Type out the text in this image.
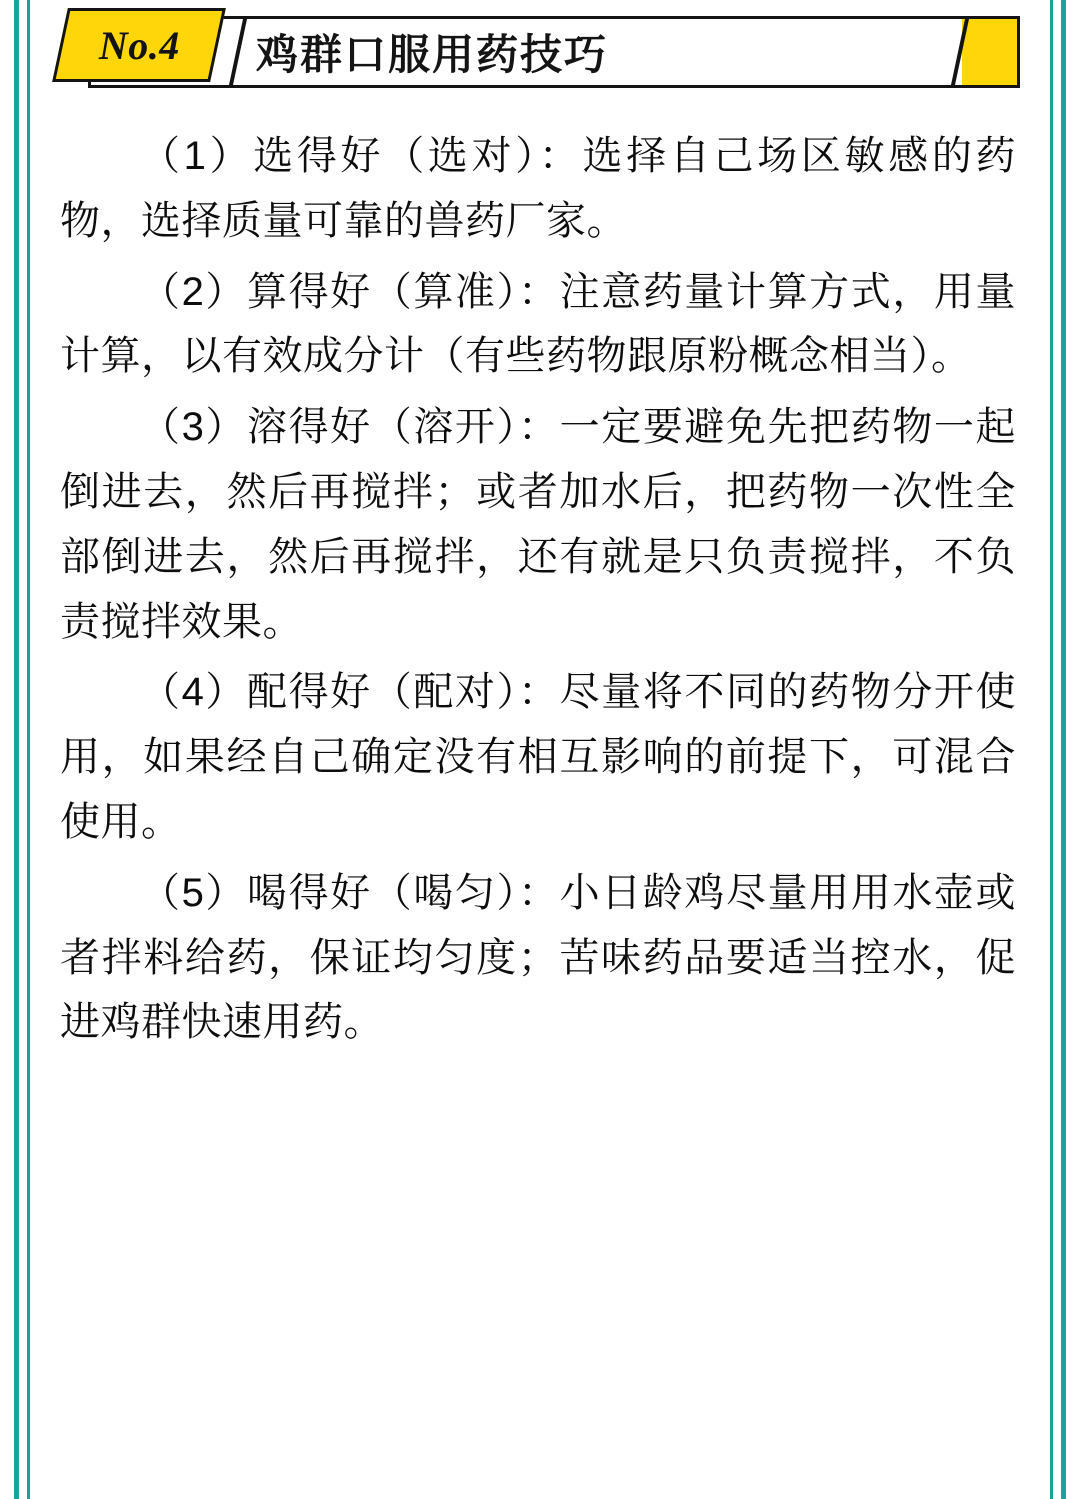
No.4 鸡群口服用药技巧

（1）选得好（选对）：选择自己场区敏感的药物，选择质量可靠的兽药厂家。

（2）算得好（算准）：注意药量计算方式，用量计算，以有效成分计（有些药物跟原粉概念相当）。

（3）溶得好（溶开）：一定要避免先把药物一起倒进去，然后再搅拌；或者加水后，把药物一次性全部倒进去，然后再搅拌，还有就是只负责搅拌，不负责搅拌效果。

（4）配得好（配对）：尽量将不同的药物分开使用，如果经自己确定没有相互影响的前提下，可混合使用。

（5）喝得好（喝匀）：小日龄鸡尽量用用水壶或者拌料给药，保证均匀度；苦味药品要适当控水，促进鸡群快速用药。
